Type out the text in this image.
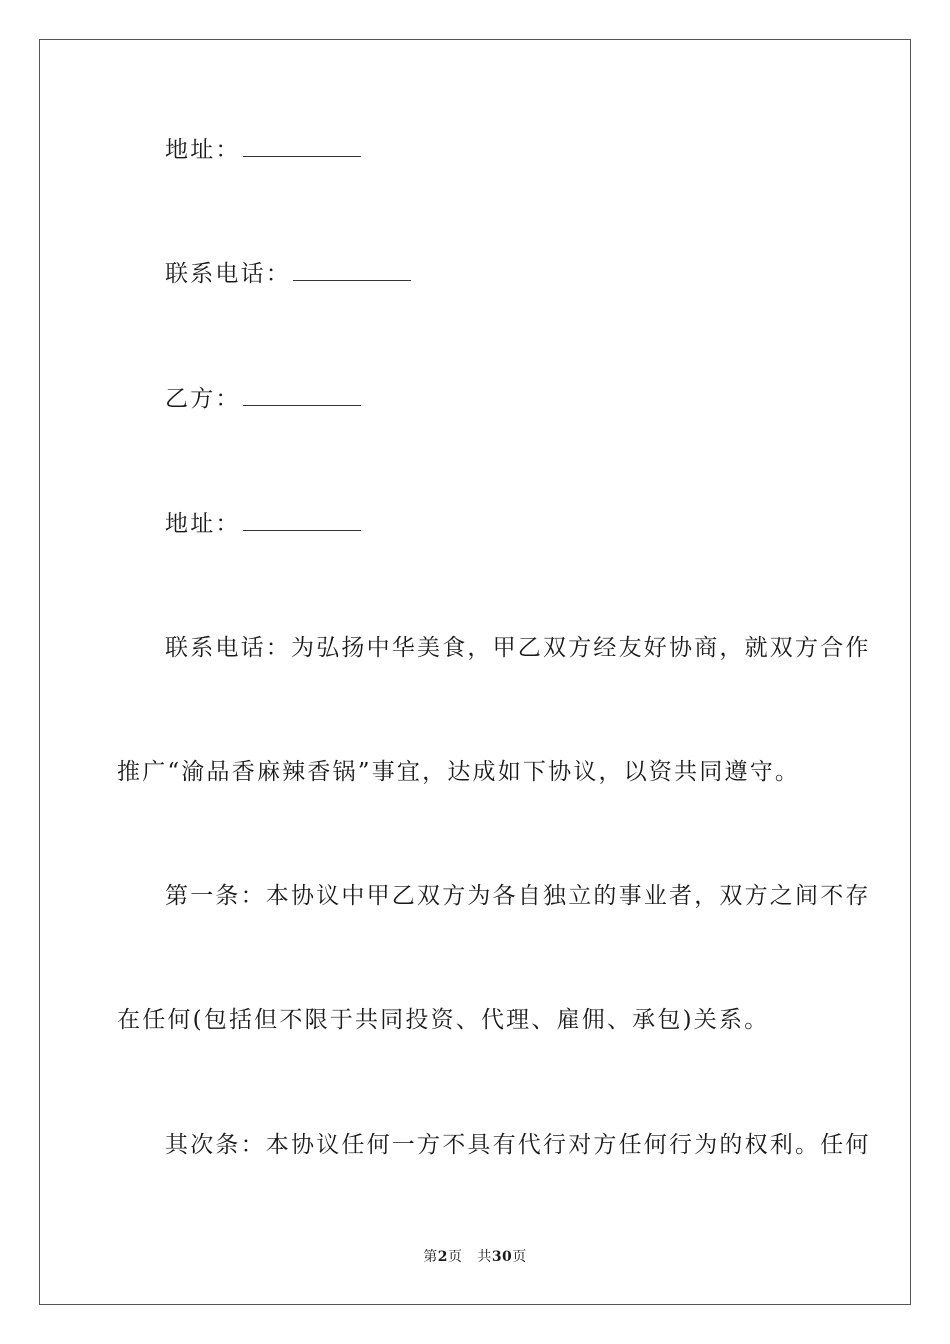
地址：
联系电话：
乙方：
地址：
联系电话：为弘扬中华美食，甲乙双方经友好协商，就双方合作
推广“渝品香麻辣香锅”事宜，达成如下协议，以资共同遵守。
第一条：本协议中甲乙双方为各自独立的事业者，双方之间不存
在任何(包括但不限于共同投资、代理、雇佣、承包)关系。
其次条：本协议任何一方不具有代行对方任何行为的权利。任何
第2页 共30页
